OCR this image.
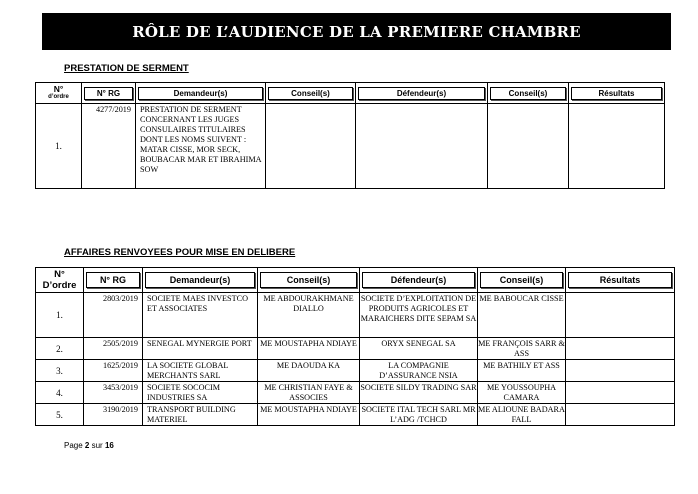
RÔLE DE L’AUDIENCE DE LA PREMIERE CHAMBRE
PRESTATION DE SERMENT
N°
d’ordre	N° RG	Demandeur(s)	Conseil(s)	Défendeur(s)	Conseil(s)	Résultats

1.	4277/2019	PRESTATION DE SERMENT CONCERNANT LES JUGES CONSULAIRES TITULAIRES DONT LES NOMS SUIVENT : MATAR CISSE, MOR SECK, BOUBACAR MAR ET IBRAHIMA SOW				
AFFAIRES RENVOYEES POUR MISE EN DELIBERE
N°
D’ordre	N° RG	Demandeur(s)	Conseil(s)	Défendeur(s)	Conseil(s)	Résultats

1.	2803/2019	SOCIETE MAES INVESTCO ET ASSOCIATES	ME ABDOURAKHMANE DIALLO	SOCIETE D’EXPLOITATION DE PRODUITS AGRICOLES ET MARAICHERS DITE SEPAM SA	ME BABOUCAR CISSE	
2.	2505/2019	SENEGAL MYNERGIE PORT	ME MOUSTAPHA NDIAYE	ORYX SENEGAL SA	ME FRANÇOIS SARR & ASS	
3.	1625/2019	LA SOCIETE GLOBAL MERCHANTS SARL	ME DAOUDA KA	LA COMPAGNIE D’ASSURANCE NSIA	ME BATHILY ET ASS	
4.	3453/2019	SOCIETE SOCOCIM INDUSTRIES SA	ME CHRISTIAN FAYE & ASSOCIES	SOCIETE SILDY TRADING SAR	ME YOUSSOUPHA CAMARA	
5.	3190/2019	TRANSPORT BUILDING MATERIEL	ME MOUSTAPHA NDIAYE	SOCIETE ITAL TECH SARL MR L’ADG /TCHCD	ME ALIOUNE BADARA FALL	
Page 2 sur 16
